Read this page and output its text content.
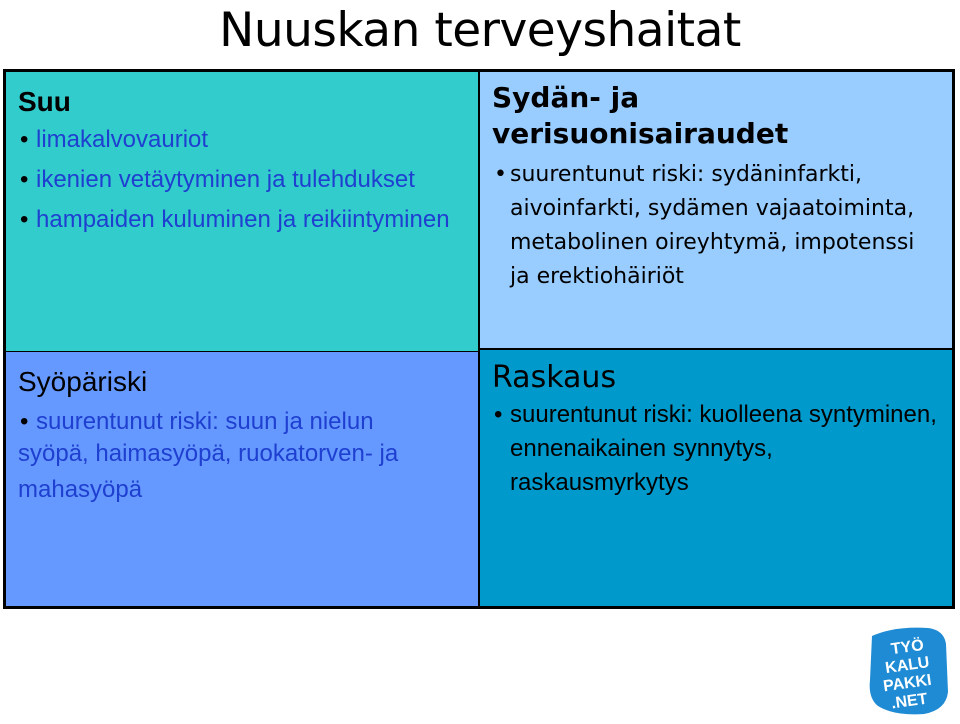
Nuuskan terveyshaitat
Suu
• limakalvovauriot
• ikenien vetäytyminen ja tulehdukset
• hampaiden kuluminen ja reikiintyminen
Syöpäriski
• suurentunut riski: suun ja nielun

syöpä, haimasyöpä, ruokatorven- ja mahasyöpä

Sydän- ja verisuonisairaudet
• suurentunut riski: sydäninfarkti, aivoinfarkti, sydämen vajaatoiminta, metabolinen oireyhtymä, impotenssi ja erektiohäiriöt
Raskaus
• suurentunut riski: kuolleena syntyminen, ennenaikainen synnytys, raskausmyrkytys
TYÖ
KALU
PAKKI
.NET
